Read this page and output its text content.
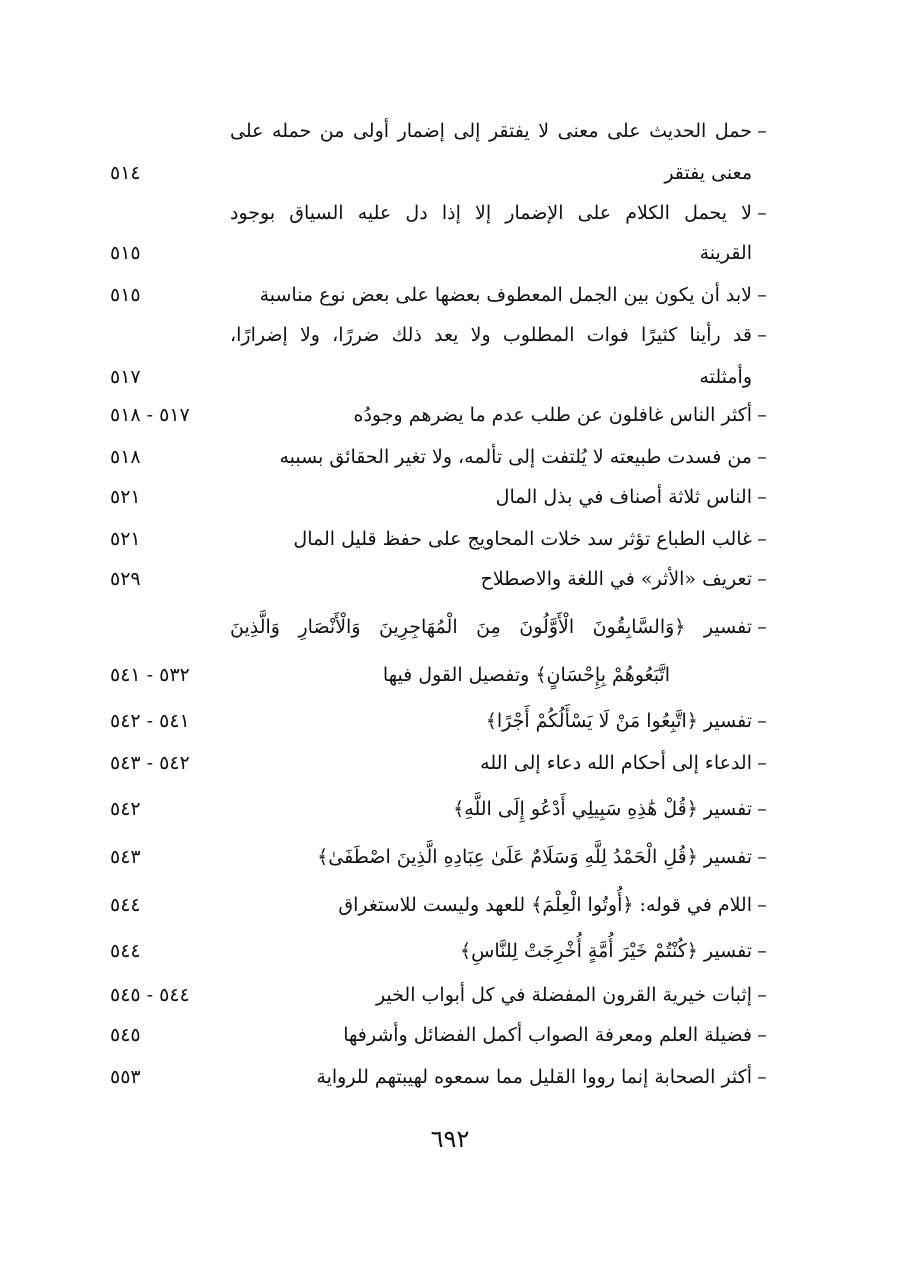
–
حمل الحديث على معنى لا يفتقر إلى إضمار أولى من حمله على
معنى يفتقر
٥١٤
–
لا يحمل الكلام على الإضمار إلا إذا دل عليه السياق بوجود
القرينة
٥١٥
–
لابد أن يكون بين الجمل المعطوف بعضها على بعض نوع مناسبة
٥١٥
–
قد رأينا كثيرًا فوات المطلوب ولا يعد ذلك ضررًا، ولا إضرارًا،
وأمثلته
٥١٧
–
أكثر الناس غافلون عن طلب عدم ما يضرهم وجودُه
٥١٧ - ٥١٨
–
من فسدت طبيعته لا يُلتفت إلى تألمه، ولا تغير الحقائق بسببه
٥١٨
–
الناس ثلاثة أصناف في بذل المال
٥٢١
–
غالب الطباع تؤثر سد خلات المحاويج على حفظ قليل المال
٥٢١
–
تعريف «الأثر» في اللغة والاصطلاح
٥٢٩
–
تفسير ﴿وَالسَّابِقُونَ الْأَوَّلُونَ مِنَ الْمُهَاجِرِينَ وَالْأَنْصَارِ وَالَّذِينَ
اتَّبَعُوهُمْ بِإِحْسَانٍ﴾ وتفصيل القول فيها
٥٣٢ - ٥٤١
–
تفسير ﴿اتَّبِعُوا مَنْ لَا يَسْأَلُكُمْ أَجْرًا﴾
٥٤١ - ٥٤٢
–
الدعاء إلى أحكام الله دعاء إلى الله
٥٤٢ - ٥٤٣
–
تفسير ﴿قُلْ هَٰذِهِ سَبِيلِي أَدْعُو إِلَى اللَّهِ﴾
٥٤٢
–
تفسير ﴿قُلِ الْحَمْدُ لِلَّهِ وَسَلَامٌ عَلَىٰ عِبَادِهِ الَّذِينَ اصْطَفَىٰ﴾
٥٤٣
–
اللام في قوله: ﴿أُوتُوا الْعِلْمَ﴾ للعهد وليست للاستغراق
٥٤٤
–
تفسير ﴿كُنْتُمْ خَيْرَ أُمَّةٍ أُخْرِجَتْ لِلنَّاسِ﴾
٥٤٤
–
إثبات خيرية القرون المفضلة في كل أبواب الخير
٥٤٤ - ٥٤٥
–
فضيلة العلم ومعرفة الصواب أكمل الفضائل وأشرفها
٥٤٥
–
أكثر الصحابة إنما رووا القليل مما سمعوه لهيبتهم للرواية
٥٥٣
٦٩٢
